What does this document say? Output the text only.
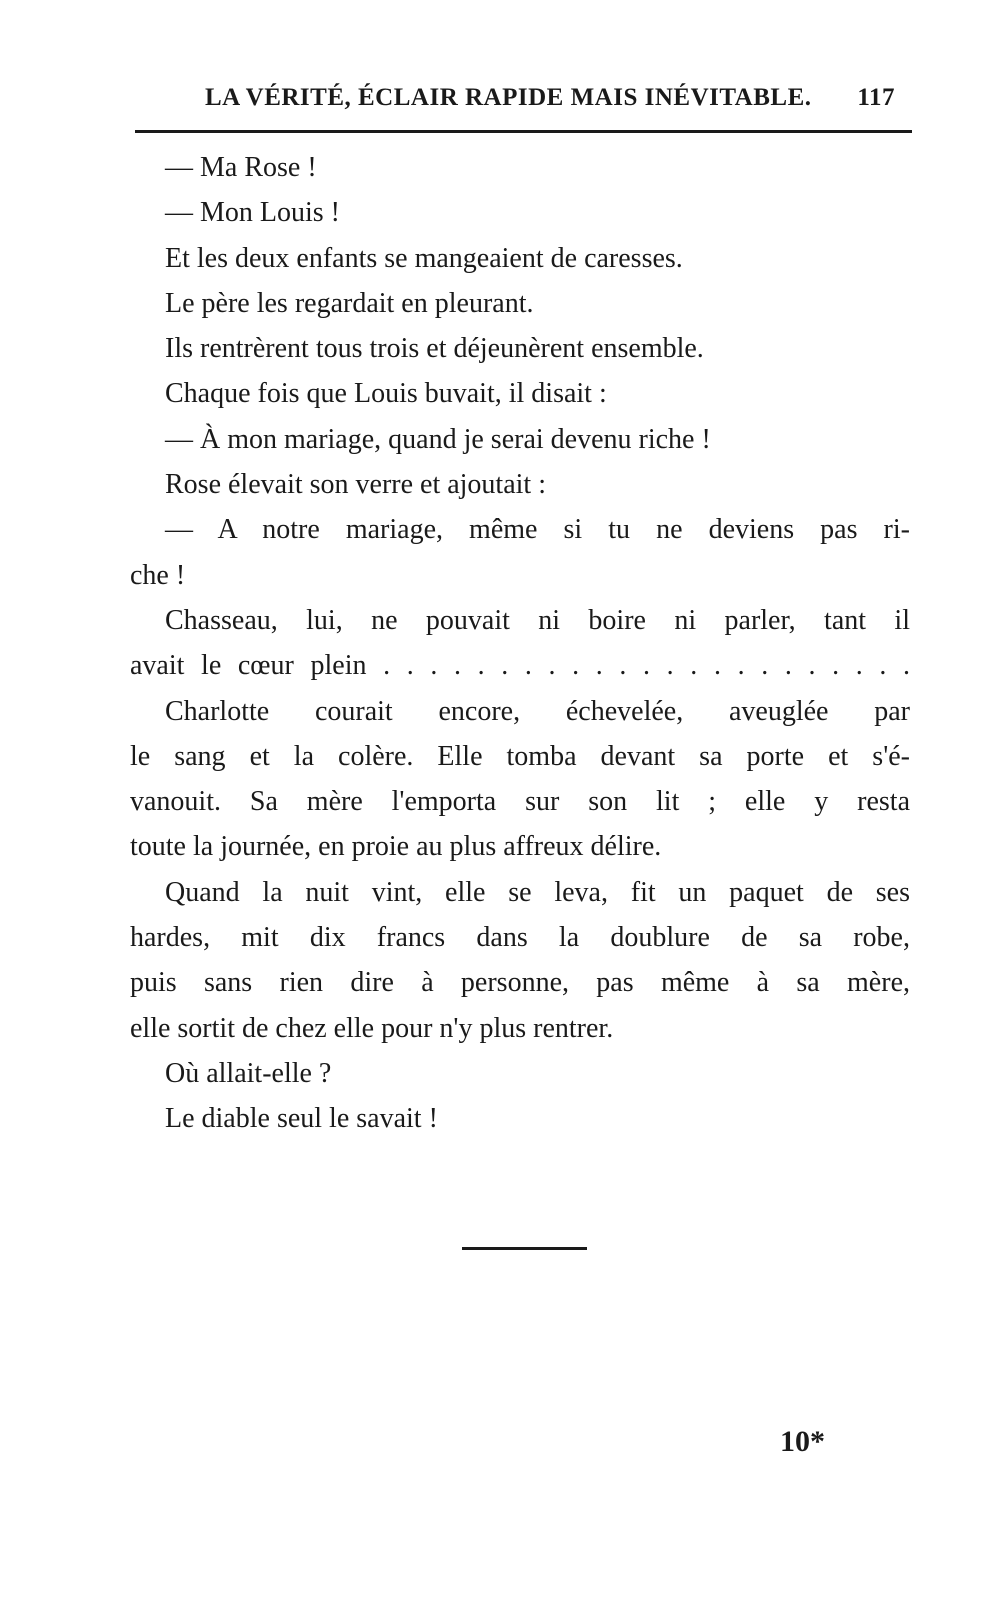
LA VÉRITÉ, ÉCLAIR RAPIDE MAIS INÉVITABLE. 117
— Ma Rose !
— Mon Louis !
Et les deux enfants se mangeaient de caresses.
Le père les regardait en pleurant.
Ils rentrèrent tous trois et déjeunèrent ensemble.
Chaque fois que Louis buvait, il disait :
— À mon mariage, quand je serai devenu riche !
Rose élevait son verre et ajoutait :
— A notre mariage, même si tu ne deviens pas ri-
che !
Chasseau, lui, ne pouvait ni boire ni parler, tant il
avait le cœur plein . . . . . . . . . . . . . . . . . . . . . . .
Charlotte courait encore, échevelée, aveuglée par
le sang et la colère. Elle tomba devant sa porte et s'é-
vanouit. Sa mère l'emporta sur son lit ; elle y resta
toute la journée, en proie au plus affreux délire.
Quand la nuit vint, elle se leva, fit un paquet de ses
hardes, mit dix francs dans la doublure de sa robe,
puis sans rien dire à personne, pas même à sa mère,
elle sortit de chez elle pour n'y plus rentrer.
Où allait-elle ?
Le diable seul le savait !
10*
